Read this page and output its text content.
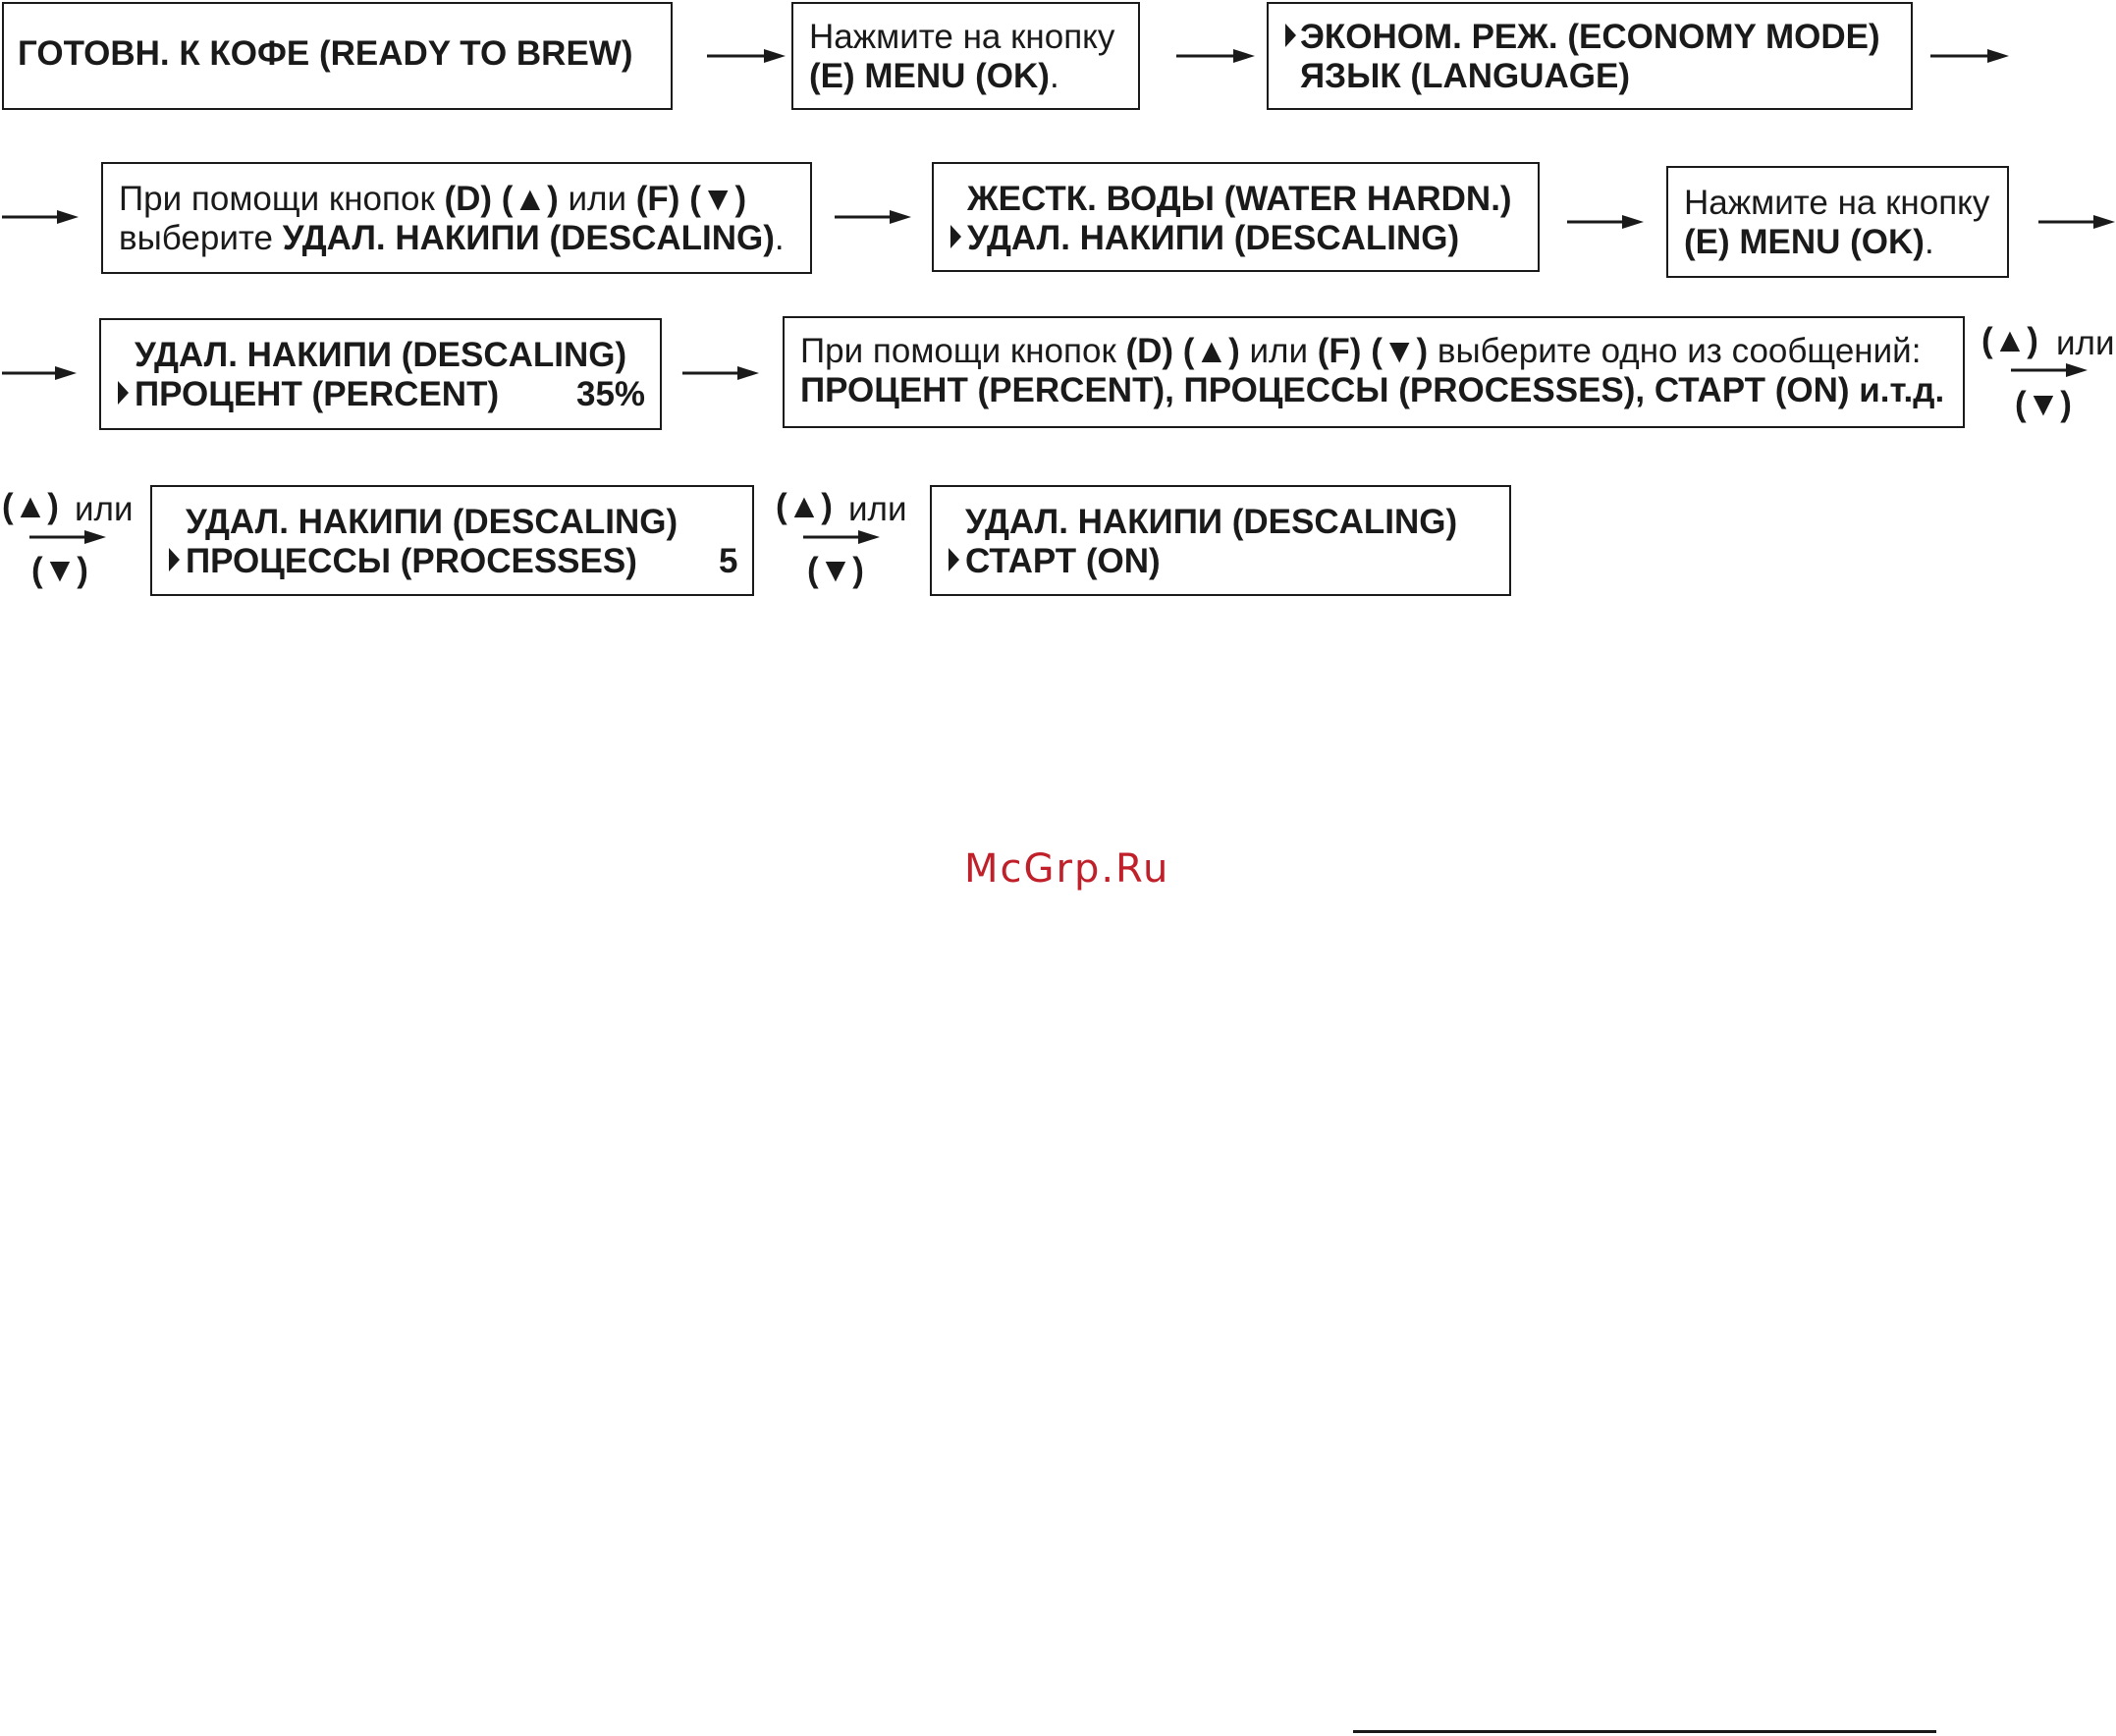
ГОТОВН. К КОФЕ (READY TO BREW)	Нажмите на кнопку
(E) MENU (OK).
ЭКОНОМ. РЕЖ. (ECONOMY MODE)
ЯЗЫК (LANGUAGE)
При помощи кнопок (D) (▲) или (F) (▼)
выберите УДАЛ. НАКИПИ (DESCALING).
ЖЕСТК. ВОДЫ (WATER HARDN.)
УДАЛ. НАКИПИ (DESCALING)
Нажмите на кнопку
(E) MENU (OK).
УДАЛ. НАКИПИ (DESCALING)
ПРОЦЕНТ (PERCENT) 35%
При помощи кнопок (D) (▲) или (F) (▼) выберите одно из сообщений:
ПРОЦЕНТ (PERCENT), ПРОЦЕССЫ (PROCESSES), СТАРТ (ON) и.т.д.
(▲) или
(▼)
(▲) или
(▼)
УДАЛ. НАКИПИ (DESCALING)
ПРОЦЕССЫ (PROCESSES) 5
(▲) или
(▼)
УДАЛ. НАКИПИ (DESCALING)
СТАРТ (ON)
McGrp.Ru
